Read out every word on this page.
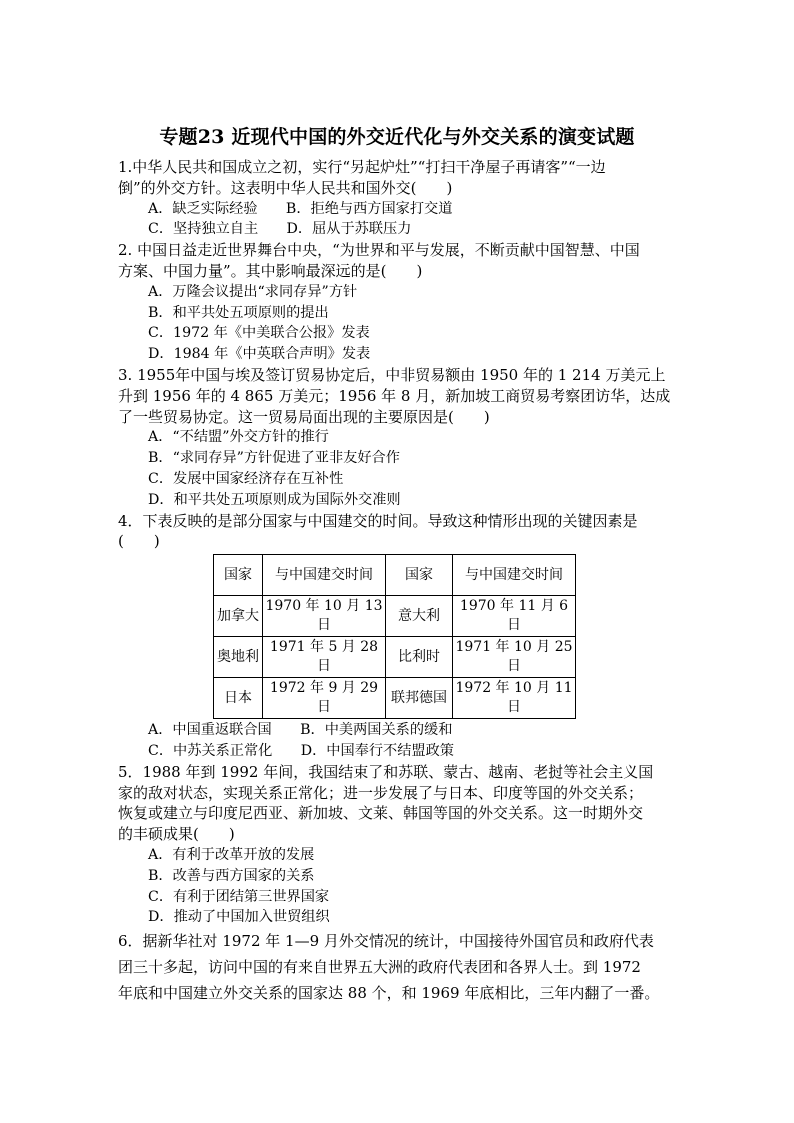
专题23 近现代中国的外交近代化与外交关系的演变试题
1.中华人民共和国成立之初，实行“另起炉灶”“打扫干净屋子再请客”“一边
倒”的外交方针。这表明中华人民共和国外交(　　)
A．缺乏实际经验　　B．拒绝与西方国家打交道
C．坚持独立自主　　D．屈从于苏联压力
2. 中国日益走近世界舞台中央，“为世界和平与发展，不断贡献中国智慧、中国
方案、中国力量”。其中影响最深远的是(　　)
A．万隆会议提出“求同存异”方针
B．和平共处五项原则的提出
C．1972 年《中美联合公报》发表
D．1984 年《中英联合声明》发表
3. 1955年中国与埃及签订贸易协定后，中非贸易额由 1950 年的 1 214 万美元上
升到 1956 年的 4 865 万美元；1956 年 8 月，新加坡工商贸易考察团访华，达成
了一些贸易协定。这一贸易局面出现的主要原因是(　　)
A．“不结盟”外交方针的推行
B．“求同存异”方针促进了亚非友好合作
C．发展中国家经济存在互补性
D．和平共处五项原则成为国际外交准则
4．下表反映的是部分国家与中国建交的时间。导致这种情形出现的关键因素是
(　　)
国家	与中国建交时间	国家	与中国建交时间
加拿大	1970 年 10 月 13 日	意大利	1970 年 11 月 6 日
奥地利	1971 年 5 月 28 日	比利时	1971 年 10 月 25 日
日本	1972 年 9 月 29 日	联邦德国	1972 年 10 月 11 日
A．中国重返联合国　　B．中美两国关系的缓和
C．中苏关系正常化　　D．中国奉行不结盟政策
5．1988 年到 1992 年间，我国结束了和苏联、蒙古、越南、老挝等社会主义国
家的敌对状态，实现关系正常化；进一步发展了与日本、印度等国的外交关系；
恢复或建立与印度尼西亚、新加坡、文莱、韩国等国的外交关系。这一时期外交
的丰硕成果(　　)
A．有利于改革开放的发展
B．改善与西方国家的关系
C．有利于团结第三世界国家
D．推动了中国加入世贸组织
6．据新华社对 1972 年 1—9 月外交情况的统计，中国接待外国官员和政府代表
团三十多起，访问中国的有来自世界五大洲的政府代表团和各界人士。到 1972
年底和中国建立外交关系的国家达 88 个，和 1969 年底相比，三年内翻了一番。
